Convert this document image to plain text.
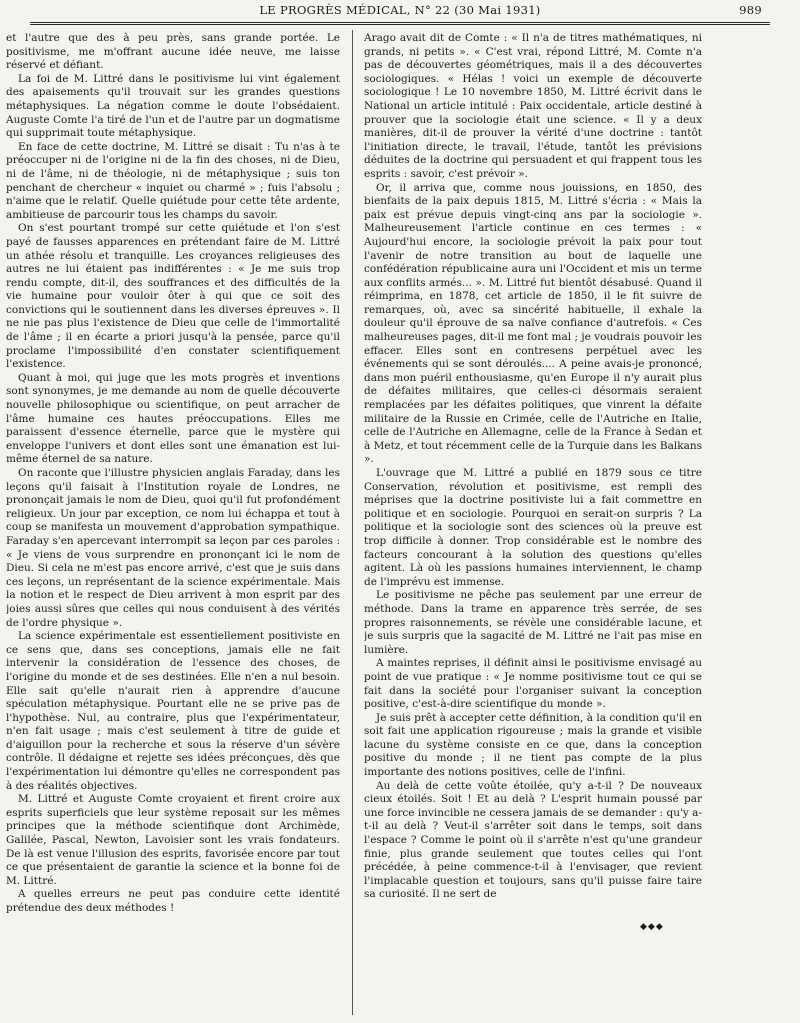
LE PROGRÈS MÉDICAL, N° 22 (30 Mai 1931)	989

et l'autre que des à peu près, sans grande portée. Le positivisme, me m'offrant aucune idée neuve, me laisse réservé et défiant.

La foi de M. Littré dans le positivisme lui vint également des apaisements qu'il trouvait sur les grandes questions métaphysiques. La négation comme le doute l'obsédaient. Auguste Comte l'a tiré de l'un et de l'autre par un dogmatisme qui supprimait toute métaphysique.

En face de cette doctrine, M. Littré se disait : Tu n'as à te préoccuper ni de l'origine ni de la fin des choses, ni de Dieu, ni de l'âme, ni de théologie, ni de métaphysique ; suis ton penchant de chercheur « inquiet ou charmé » ; fuis l'absolu ; n'aime que le relatif. Quelle quiétude pour cette tête ardente, ambitieuse de parcourir tous les champs du savoir.

On s'est pourtant trompé sur cette quiétude et l'on s'est payé de fausses apparences en prétendant faire de M. Littré un athée résolu et tranquille. Les croyances religieuses des autres ne lui étaient pas indifférentes : « Je me suis trop rendu compte, dit-il, des souffrances et des difficultés de la vie humaine pour vouloir ôter à qui que ce soit des convictions qui le soutiennent dans les diverses épreuves ». Il ne nie pas plus l'existence de Dieu que celle de l'immortalité de l'âme ; il en écarte a priori jusqu'à la pensée, parce qu'il proclame l'impossibilité d'en constater scientifiquement l'existence.

Quant à moi, qui juge que les mots progrès et inventions sont synonymes, je me demande au nom de quelle découverte nouvelle philosophique ou scientifique, on peut arracher de l'âme humaine ces hautes préoccupations. Elles me paraissent d'essence éternelle, parce que le mystère qui enveloppe l'univers et dont elles sont une émanation est lui-même éternel de sa nature.

On raconte que l'illustre physicien anglais Faraday, dans les leçons qu'il faisait à l'Institution royale de Londres, ne prononçait jamais le nom de Dieu, quoi qu'il fut profondément religieux. Un jour par exception, ce nom lui échappa et tout à coup se manifesta un mouvement d'approbation sympathique. Faraday s'en apercevant interrompit sa leçon par ces paroles : « Je viens de vous surprendre en prononçant ici le nom de Dieu. Si cela ne m'est pas encore arrivé, c'est que je suis dans ces leçons, un représentant de la science expérimentale. Mais la notion et le respect de Dieu arrivent à mon esprit par des joies aussi sûres que celles qui nous conduisent à des vérités de l'ordre physique ».

La science expérimentale est essentiellement positiviste en ce sens que, dans ses conceptions, jamais elle ne fait intervenir la considération de l'essence des choses, de l'origine du monde et de ses destinées. Elle n'en a nul besoin. Elle sait qu'elle n'aurait rien à apprendre d'aucune spéculation métaphysique. Pourtant elle ne se prive pas de l'hypothèse. Nul, au contraire, plus que l'expérimentateur, n'en fait usage ; mais c'est seulement à titre de guide et d'aiguillon pour la recherche et sous la réserve d'un sévère contrôle. Il dédaigne et rejette ses idées préconçues, dès que l'expérimentation lui démontre qu'elles ne correspondent pas à des réalités objectives.

M. Littré et Auguste Comte croyaient et firent croire aux esprits superficiels que leur système reposait sur les mêmes principes que la méthode scientifique dont Archimède, Galilée, Pascal, Newton, Lavoisier sont les vrais fondateurs. De là est venue l'illusion des esprits, favorisée encore par tout ce que présentaient de garantie la science et la bonne foi de M. Littré.

A quelles erreurs ne peut pas conduire cette identité prétendue des deux méthodes !

Arago avait dit de Comte : « Il n'a de titres mathématiques, ni grands, ni petits ». « C'est vrai, répond Littré, M. Comte n'a pas de découvertes géométriques, mais il a des découvertes sociologiques. « Hélas ! voici un exemple de découverte sociologique ! Le 10 novembre 1850, M. Littré écrivit dans le National un article intitulé : Paix occidentale, article destiné à prouver que la sociologie était une science. « Il y a deux manières, dit-il de prouver la vérité d'une doctrine : tantôt l'initiation directe, le travail, l'étude, tantôt les prévisions déduites de la doctrine qui persuadent et qui frappent tous les esprits : savoir, c'est prévoir ».

Or, il arriva que, comme nous jouissions, en 1850, des bienfaits de la paix depuis 1815, M. Littré s'écria : « Mais la paix est prévue depuis vingt-cinq ans par la sociologie ». Malheureusement l'article continue en ces termes : « Aujourd'hui encore, la sociologie prévoit la paix pour tout l'avenir de notre transition au bout de laquelle une confédération républicaine aura uni l'Occident et mis un terme aux conflits armés... ». M. Littré fut bientôt désabusé. Quand il réimprima, en 1878, cet article de 1850, il le fit suivre de remarques, où, avec sa sincérité habituelle, il exhale la douleur qu'il éprouve de sa naïve confiance d'autrefois. « Ces malheureuses pages, dit-il me font mal ; je voudrais pouvoir les effacer. Elles sont en contresens perpétuel avec les événements qui se sont déroulés.... A peine avais-je prononcé, dans mon puéril enthousiasme, qu'en Europe il n'y aurait plus de défaites militaires, que celles-ci désormais seraient remplacées par les défaites politiques, que vinrent la défaite militaire de la Russie en Crimée, celle de l'Autriche en Italie, celle de l'Autriche en Allemagne, celle de la France à Sedan et à Metz, et tout récemment celle de la Turquie dans les Balkans ».

L'ouvrage que M. Littré a publié en 1879 sous ce titre Conservation, révolution et positivisme, est rempli des méprises que la doctrine positiviste lui a fait commettre en politique et en sociologie. Pourquoi en serait-on surpris ? La politique et la sociologie sont des sciences où la preuve est trop difficile à donner. Trop considérable est le nombre des facteurs concourant à la solution des questions qu'elles agitent. Là où les passions humaines interviennent, le champ de l'imprévu est immense.

Le positivisme ne pêche pas seulement par une erreur de méthode. Dans la trame en apparence très serrée, de ses propres raisonnements, se révèle une considérable lacune, et je suis surpris que la sagacité de M. Littré ne l'ait pas mise en lumière.

A maintes reprises, il définit ainsi le positivisme envisagé au point de vue pratique : « Je nomme positivisme tout ce qui se fait dans la société pour l'organiser suivant la conception positive, c'est-à-dire scientifique du monde ».

Je suis prêt à accepter cette définition, à la condition qu'il en soit fait une application rigoureuse ; mais la grande et visible lacune du système consiste en ce que, dans la conception positive du monde ; il ne tient pas compte de la plus importante des notions positives, celle de l'infini.

Au delà de cette voûte étoilée, qu'y a-t-il ? De nouveaux cieux étoilés. Soit ! Et au delà ? L'esprit humain poussé par une force invincible ne cessera jamais de se demander : qu'y a-t-il au delà ? Veut-il s'arrêter soit dans le temps, soit dans l'espace ? Comme le point où il s'arrête n'est qu'une grandeur finie, plus grande seulement que toutes celles qui l'ont précédée, à peine commence-t-il à l'envisager, que revient l'implacable question et toujours, sans qu'il puisse faire taire sa curiosité. Il ne sert de

◆◆◆
